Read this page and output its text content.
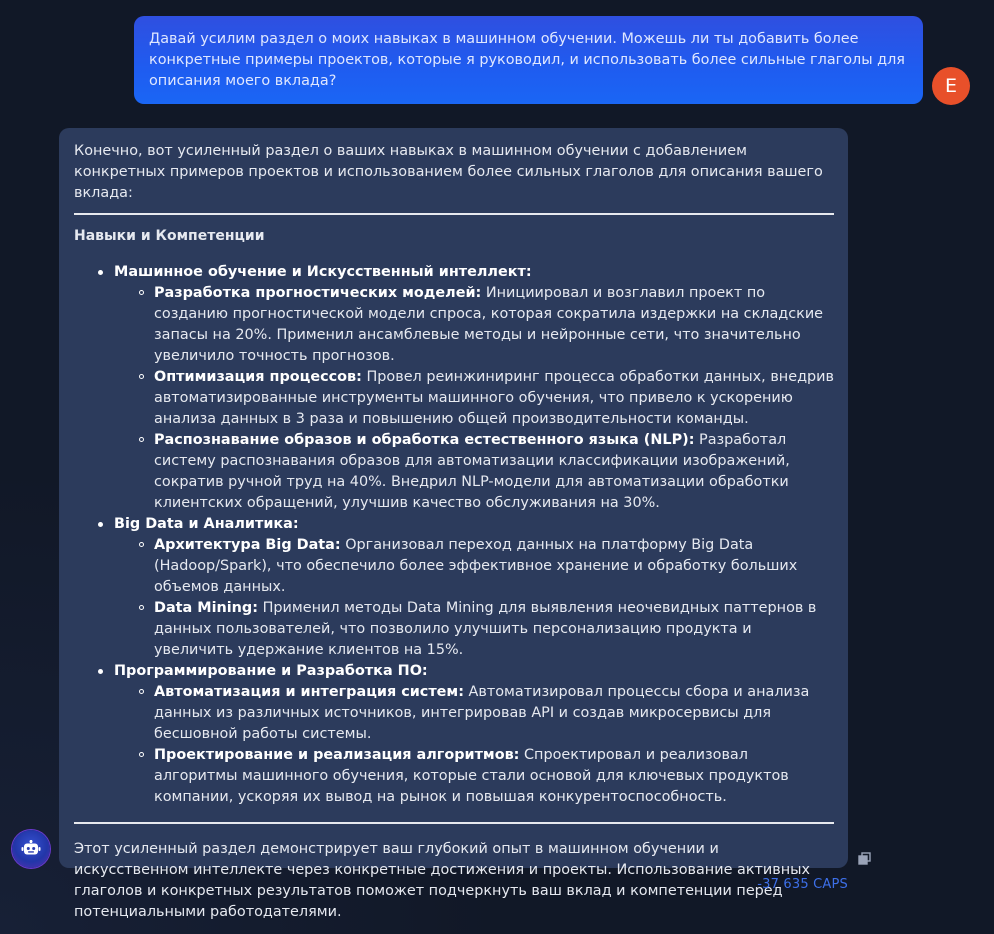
Давай усилим раздел о моих навыках в машинном обучении. Можешь ли ты добавить более конкретные примеры проектов, которые я руководил, и использовать более сильные глаголы для описания моего вклада?	E

Конечно, вот усиленный раздел о ваших навыках в машинном обучении с добавлением конкретных примеров проектов и использованием более сильных глаголов для описания вашего вклада:

Навыки и Компетенции

Машинное обучение и Искусственный интеллект:
Разработка прогностических моделей: Инициировал и возглавил проект по созданию прогностической модели спроса, которая сократила издержки на складские запасы на 20%. Применил ансамблевые методы и нейронные сети, что значительно увеличило точность прогнозов.
Оптимизация процессов: Провел реинжиниринг процесса обработки данных, внедрив автоматизированные инструменты машинного обучения, что привело к ускорению анализа данных в 3 раза и повышению общей производительности команды.
Распознавание образов и обработка естественного языка (NLP): Разработал систему распознавания образов для автоматизации классификации изображений, сократив ручной труд на 40%. Внедрил NLP-модели для автоматизации обработки клиентских обращений, улучшив качество обслуживания на 30%.
Big Data и Аналитика:
Архитектура Big Data: Организовал переход данных на платформу Big Data (Hadoop/Spark), что обеспечило более эффективное хранение и обработку больших объемов данных.
Data Mining: Применил методы Data Mining для выявления неочевидных паттернов в данных пользователей, что позволило улучшить персонализацию продукта и увеличить удержание клиентов на 15%.
Программирование и Разработка ПО:
Автоматизация и интеграция систем: Автоматизировал процессы сбора и анализа данных из различных источников, интегрировав API и создав микросервисы для бесшовной работы системы.
Проектирование и реализация алгоритмов: Спроектировал и реализовал алгоритмы машинного обучения, которые стали основой для ключевых продуктов компании, ускоряя их вывод на рынок и повышая конкурентоспособность.

Этот усиленный раздел демонстрирует ваш глубокий опыт в машинном обучении и искусственном интеллекте через конкретные достижения и проекты. Использование активных глаголов и конкретных результатов поможет подчеркнуть ваш вклад и компетенции перед потенциальными работодателями.

-37 635 CAPS
